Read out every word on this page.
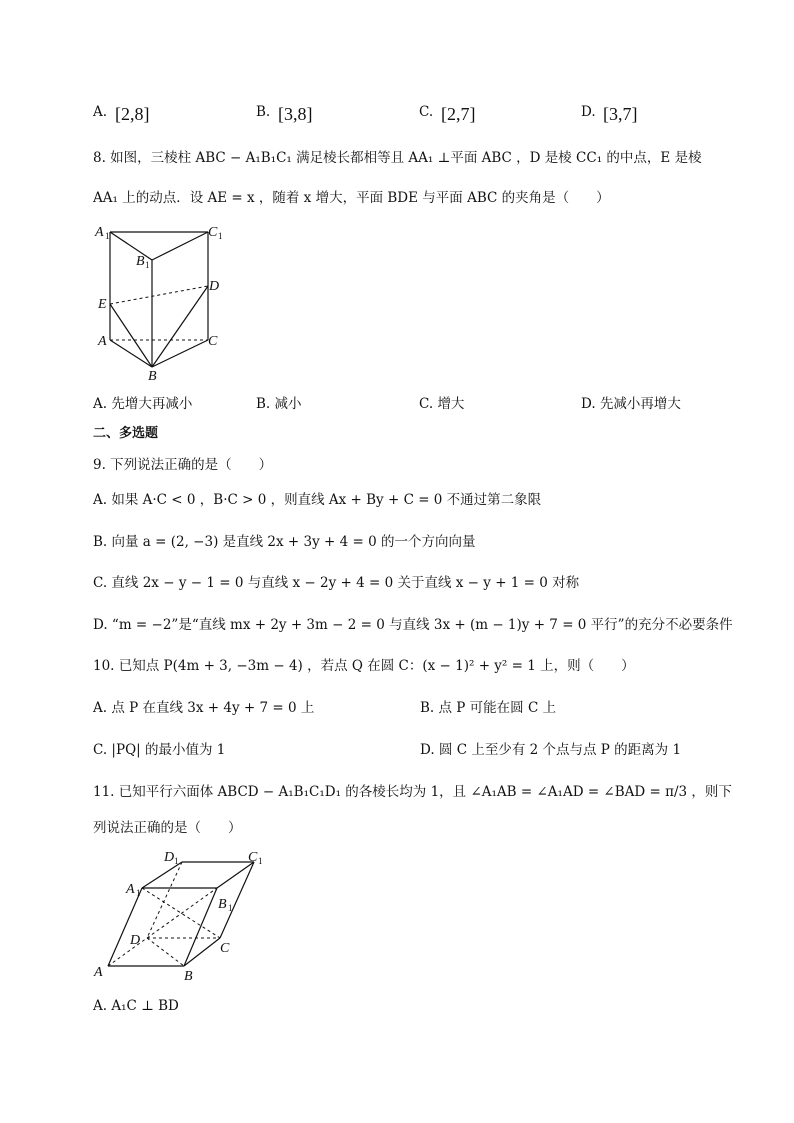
A. [2,8]	B. [3,8]	C. [2,7]	D. [3,7]
8. 如图，三棱柱 ABC − A₁B₁C₁ 满足棱长都相等且 AA₁ ⊥平面 ABC ，D 是棱 CC₁ 的中点，E 是棱
AA₁ 上的动点．设 AE = x ，随着 x 增大，平面 BDE 与平面 ABC 的夹角是（　　）
A 1	C 1
B 1
D
E
A	C
B
A. 先增大再减小	B. 减小	C. 增大	D. 先减小再增大
二、多选题
9. 下列说法正确的是（　　）
A. 如果 A·C < 0 ，B·C > 0 ，则直线 Ax + By + C = 0 不通过第二象限
B. 向量 a = (2, −3) 是直线 2x + 3y + 4 = 0 的一个方向向量
C. 直线 2x − y − 1 = 0 与直线 x − 2y + 4 = 0 关于直线 x − y + 1 = 0 对称
D. “m = −2”是“直线 mx + 2y + 3m − 2 = 0 与直线 3x + (m − 1)y + 7 = 0 平行”的充分不必要条件
10. 已知点 P(4m + 3, −3m − 4) ，若点 Q 在圆 C：(x − 1)² + y² = 1 上，则（　　）
A. 点 P 在直线 3x + 4y + 7 = 0 上	B. 点 P 可能在圆 C 上
C. |PQ| 的最小值为 1	D. 圆 C 上至少有 2 个点与点 P 的距离为 1
11. 已知平行六面体 ABCD − A₁B₁C₁D₁ 的各棱长均为 1，且 ∠A₁AB = ∠A₁AD = ∠BAD = π/3 ，则下
列说法正确的是（　　）
D 1	C 1
A 1
B 1
D
C
A	B
A. A₁C ⊥ BD
